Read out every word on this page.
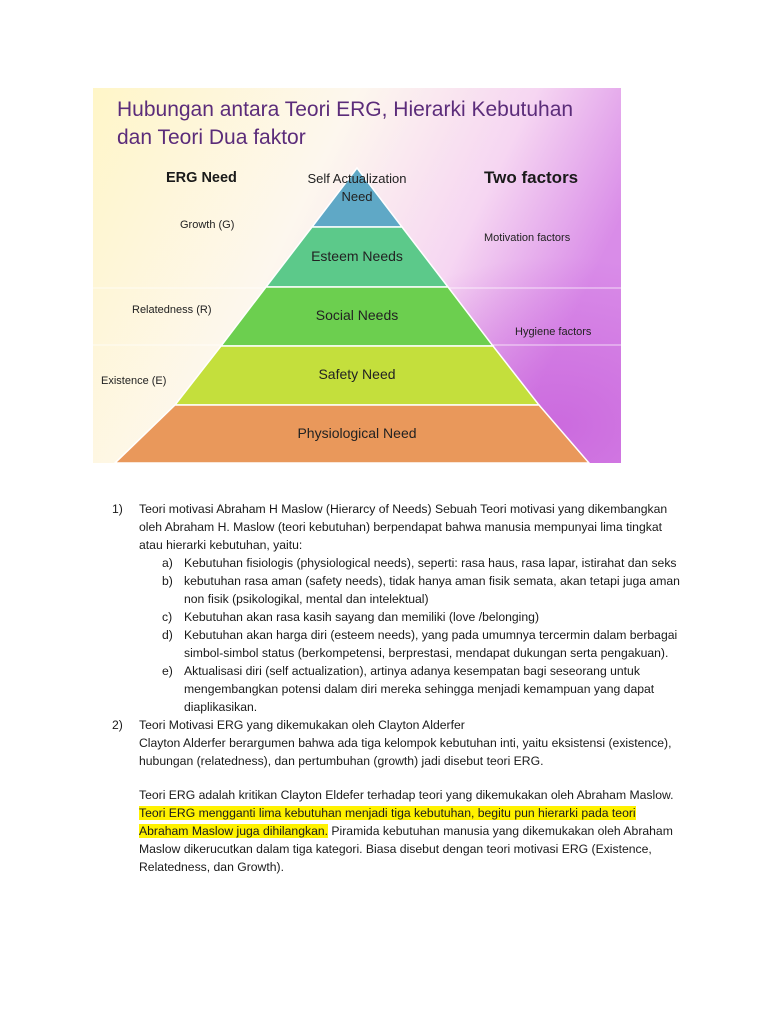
Hubungan antara Teori ERG, Hierarki Kebutuhan
dan Teori Dua faktor
ERG Need	Two factors
Growth (G)
Relatedness (R)
Existence (E)
Motivation factors
Hygiene factors
Self Actualization Need
Esteem Needs
Social Needs
Safety Need
Physiological Need
1) Teori motivasi Abraham H Maslow (Hierarcy of Needs) Sebuah Teori motivasi yang dikembangkan oleh Abraham H. Maslow (teori kebutuhan) berpendapat bahwa manusia mempunyai lima tingkat atau hierarki kebutuhan, yaitu:

a) Kebutuhan fisiologis (physiological needs), seperti: rasa haus, rasa lapar, istirahat dan seks

b) kebutuhan rasa aman (safety needs), tidak hanya aman fisik semata, akan tetapi juga aman non fisik (psikologikal, mental dan intelektual)

c) Kebutuhan akan rasa kasih sayang dan memiliki (love /belonging)

d) Kebutuhan akan harga diri (esteem needs), yang pada umumnya tercermin dalam berbagai simbol-simbol status (berkompetensi, berprestasi, mendapat dukungan serta pengakuan).

e) Aktualisasi diri (self actualization), artinya adanya kesempatan bagi seseorang untuk mengembangkan potensi dalam diri mereka sehingga menjadi kemampuan yang dapat diaplikasikan.

2) Teori Motivasi ERG yang dikemukakan oleh Clayton Alderfer

Clayton Alderfer berargumen bahwa ada tiga kelompok kebutuhan inti, yaitu eksistensi (existence), hubungan (relatedness), dan pertumbuhan (growth) jadi disebut teori ERG.

Teori ERG adalah kritikan Clayton Eldefer terhadap teori yang dikemukakan oleh Abraham Maslow. Teori ERG mengganti lima kebutuhan menjadi tiga kebutuhan, begitu pun hierarki pada teori Abraham Maslow juga dihilangkan. Piramida kebutuhan manusia yang dikemukakan oleh Abraham Maslow dikerucutkan dalam tiga kategori. Biasa disebut dengan teori motivasi ERG (Existence, Relatedness, dan Growth).
